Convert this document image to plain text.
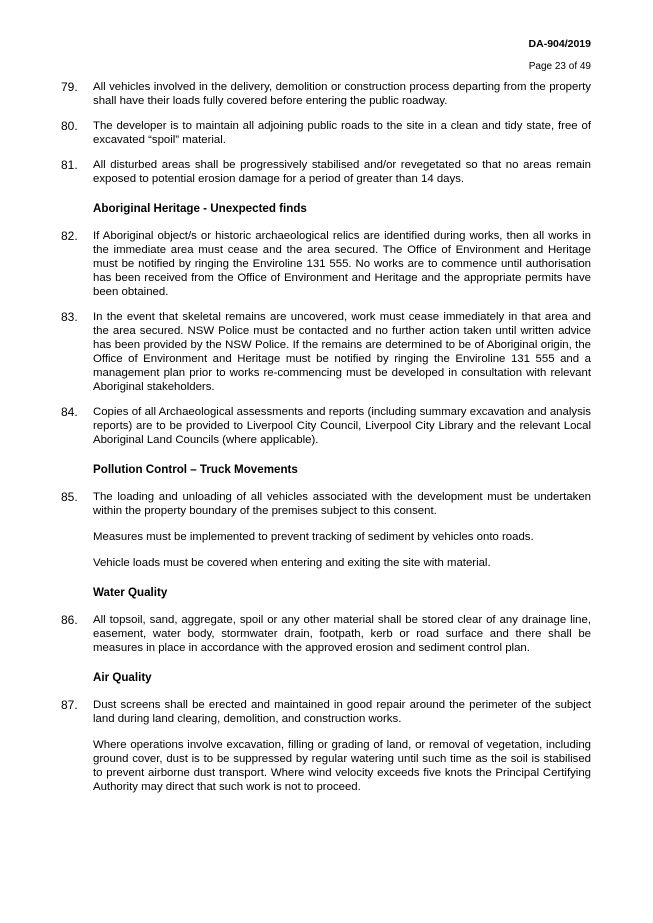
DA-904/2019
Page 23 of 49
79. All vehicles involved in the delivery, demolition or construction process departing from the property shall have their loads fully covered before entering the public roadway.

80. The developer is to maintain all adjoining public roads to the site in a clean and tidy state, free of excavated “spoil” material.

81. All disturbed areas shall be progressively stabilised and/or revegetated so that no areas remain exposed to potential erosion damage for a period of greater than 14 days.

Aboriginal Heritage - Unexpected finds
82. If Aboriginal object/s or historic archaeological relics are identified during works, then all works in the immediate area must cease and the area secured. The Office of Environment and Heritage must be notified by ringing the Enviroline 131 555. No works are to commence until authorisation has been received from the Office of Environment and Heritage and the appropriate permits have been obtained.

83. In the event that skeletal remains are uncovered, work must cease immediately in that area and the area secured. NSW Police must be contacted and no further action taken until written advice has been provided by the NSW Police. If the remains are determined to be of Aboriginal origin, the Office of Environment and Heritage must be notified by ringing the Enviroline 131 555 and a management plan prior to works re-commencing must be developed in consultation with relevant Aboriginal stakeholders.

84. Copies of all Archaeological assessments and reports (including summary excavation and analysis reports) are to be provided to Liverpool City Council, Liverpool City Library and the relevant Local Aboriginal Land Councils (where applicable).

Pollution Control – Truck Movements
85. The loading and unloading of all vehicles associated with the development must be undertaken within the property boundary of the premises subject to this consent.

Measures must be implemented to prevent tracking of sediment by vehicles onto roads.

Vehicle loads must be covered when entering and exiting the site with material.

Water Quality
86. All topsoil, sand, aggregate, spoil or any other material shall be stored clear of any drainage line, easement, water body, stormwater drain, footpath, kerb or road surface and there shall be measures in place in accordance with the approved erosion and sediment control plan.

Air Quality
87. Dust screens shall be erected and maintained in good repair around the perimeter of the subject land during land clearing, demolition, and construction works.

Where operations involve excavation, filling or grading of land, or removal of vegetation, including ground cover, dust is to be suppressed by regular watering until such time as the soil is stabilised to prevent airborne dust transport. Where wind velocity exceeds five knots the Principal Certifying Authority may direct that such work is not to proceed.
